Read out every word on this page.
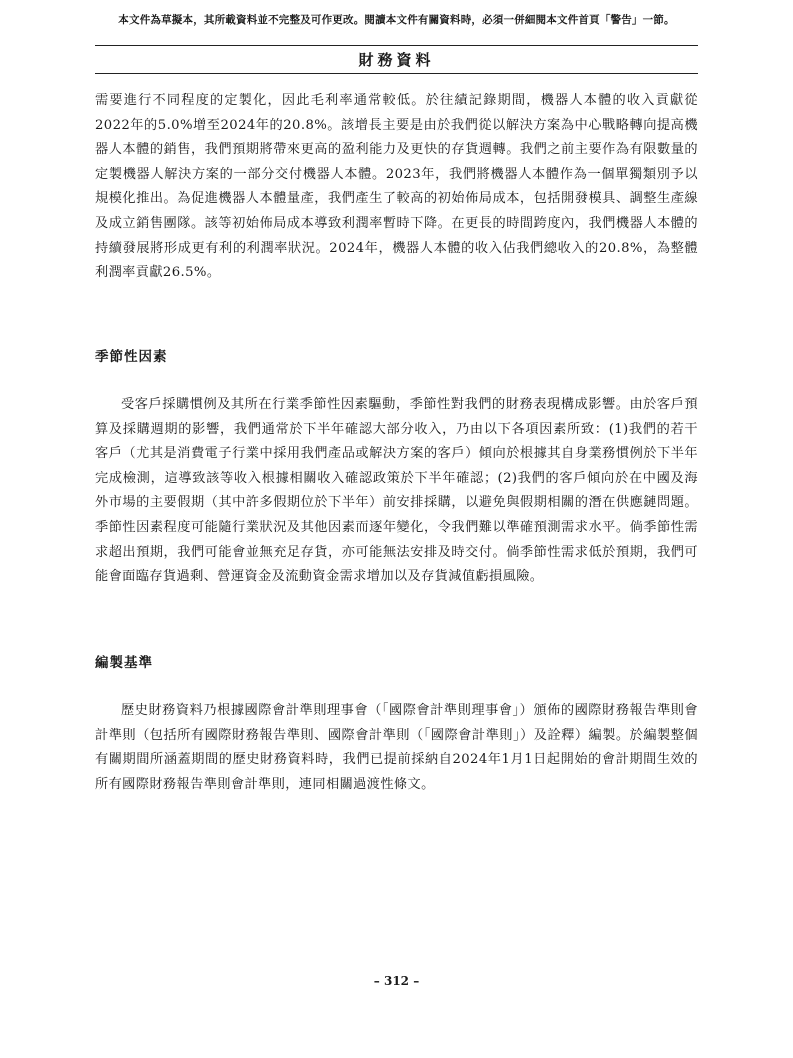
本文件為草擬本，其所載資料並不完整及可作更改。閱讀本文件有關資料時，必須一併細閱本文件首頁「警告」一節。
財務資料

需要進行不同程度的定製化，因此毛利率通常較低。於往績記錄期間，機器人本體的收入貢獻從2022年的5.0%增至2024年的20.8%。該增長主要是由於我們從以解決方案為中心戰略轉向提高機器人本體的銷售，我們預期將帶來更高的盈利能力及更快的存貨週轉。我們之前主要作為有限數量的定製機器人解決方案的一部分交付機器人本體。2023年，我們將機器人本體作為一個單獨類別予以規模化推出。為促進機器人本體量產，我們產生了較高的初始佈局成本，包括開發模具、調整生產線及成立銷售團隊。該等初始佈局成本導致利潤率暫時下降。在更長的時間跨度內，我們機器人本體的持續發展將形成更有利的利潤率狀況。2024年，機器人本體的收入佔我們總收入的20.8%，為整體利潤率貢獻26.5%。

季節性因素

受客戶採購慣例及其所在行業季節性因素驅動，季節性對我們的財務表現構成影響。由於客戶預算及採購週期的影響，我們通常於下半年確認大部分收入，乃由以下各項因素所致：(1)我們的若干客戶（尤其是消費電子行業中採用我們產品或解決方案的客戶）傾向於根據其自身業務慣例於下半年完成檢測，這導致該等收入根據相關收入確認政策於下半年確認；(2)我們的客戶傾向於在中國及海外市場的主要假期（其中許多假期位於下半年）前安排採購，以避免與假期相關的潛在供應鏈問題。季節性因素程度可能隨行業狀況及其他因素而逐年變化，令我們難以準確預測需求水平。倘季節性需求超出預期，我們可能會並無充足存貨，亦可能無法安排及時交付。倘季節性需求低於預期，我們可能會面臨存貨過剩、營運資金及流動資金需求增加以及存貨減值虧損風險。

編製基準

歷史財務資料乃根據國際會計準則理事會（「國際會計準則理事會」）頒佈的國際財務報告準則會計準則（包括所有國際財務報告準則、國際會計準則（「國際會計準則」）及詮釋）編製。於編製整個有關期間所涵蓋期間的歷史財務資料時，我們已提前採納自2024年1月1日起開始的會計期間生效的所有國際財務報告準則會計準則，連同相關過渡性條文。

– 312 –
